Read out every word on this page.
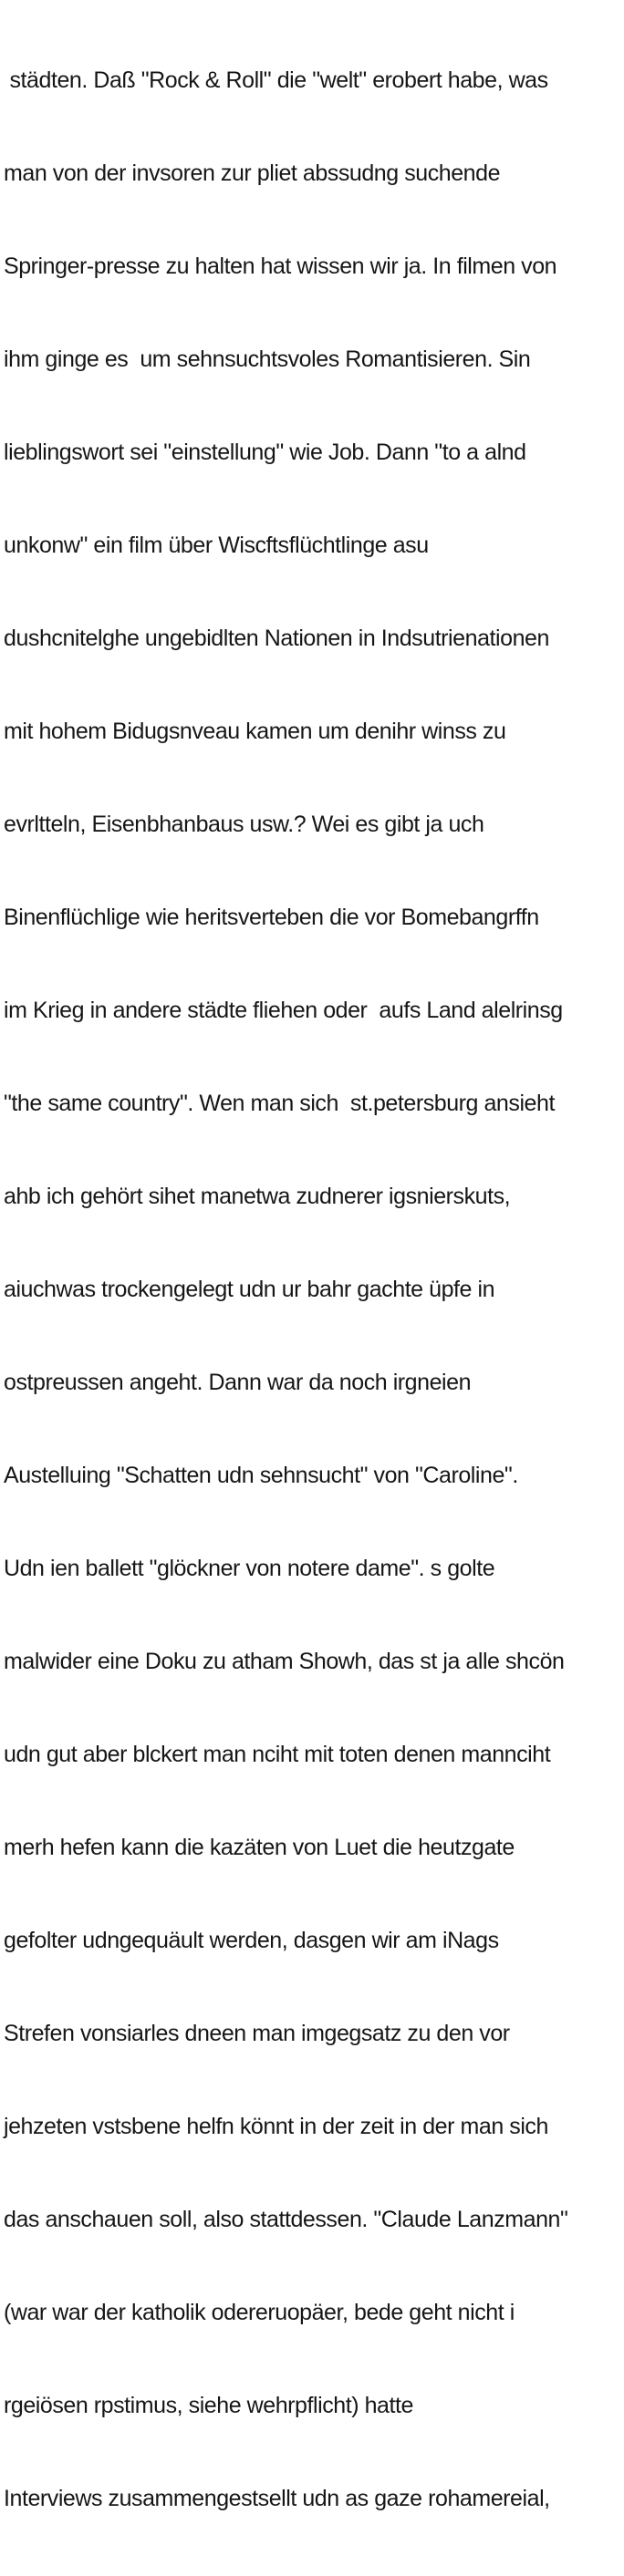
städten. Daß "Rock & Roll" die "welt" erobert habe, was

man von der invsoren zur pliet abssudng suchende

Springer-presse zu halten hat wissen wir ja. In filmen von

ihm ginge es  um sehnsuchtsvoles Romantisieren. Sin

lieblingswort sei "einstellung" wie Job. Dann "to a alnd

unkonw" ein film über Wiscftsflüchtlinge asu

dushcnitelghe ungebidlten Nationen in Indsutrienationen

mit hohem Bidugsnveau kamen um denihr winss zu

evrltteln, Eisenbhanbaus usw.? Wei es gibt ja uch

Binenflüchlige wie heritsverteben die vor Bomebangrffn

im Krieg in andere städte fliehen oder  aufs Land alelrinsg

"the same country". Wen man sich  st.petersburg ansieht

ahb ich gehört sihet manetwa zudnerer igsnierskuts,

aiuchwas trockengelegt udn ur bahr gachte üpfe in

ostpreussen angeht. Dann war da noch irgneien

Austelluing "Schatten udn sehnsucht" von "Caroline".

Udn ien ballett "glöckner von notere dame". s golte

malwider eine Doku zu atham Showh, das st ja alle shcön

udn gut aber blckert man nciht mit toten denen mannciht

merh hefen kann die kazäten von Luet die heutzgate

gefolter udngequäult werden, dasgen wir am iNags

Strefen vonsiarles dneen man imgegsatz zu den vor

jehzeten vstsbene helfn könnt in der zeit in der man sich

das anschauen soll, also stattdessen. "Claude Lanzmann"

(war war der katholik odereruopäer, bede geht nicht i

rgeiösen rpstimus, siehe wehrpflicht) hatte

Interviews zusammengestsellt udn as gaze rohamereial,
